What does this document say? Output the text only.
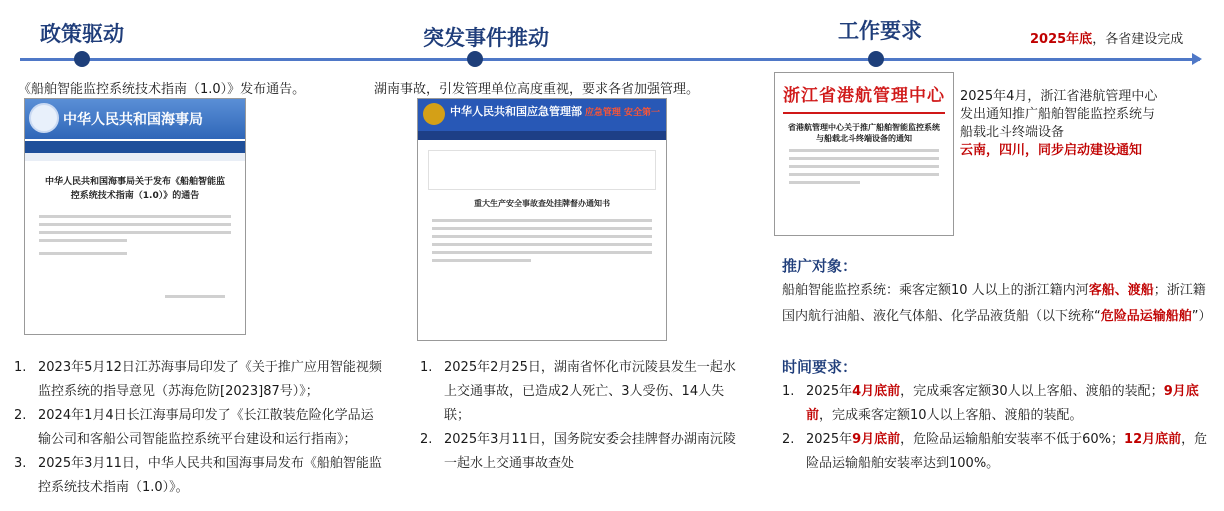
政策驱动	突发事件推动	工作要求	2025年底，各省建设完成
《船舶智能监控系统技术指南（1.0）》发布通告。
中华人民共和国海事局
中华人民共和国海事局关于发布《船舶智能监控系统技术指南（1.0）》的通告
1. 2023年5月12日江苏海事局印发了《关于推广应用智能视频监控系统的指导意见（苏海危防[2023]87号）》；
2. 2024年1月4日长江海事局印发了《长江散装危险化学品运输公司和客船公司智能监控系统平台建设和运行指南》；
3. 2025年3月11日，中华人民共和国海事局发布《船舶智能监控系统技术指南（1.0）》。
湖南事故，引发管理单位高度重视，要求各省加强管理。
中华人民共和国应急管理部 应急管理 安全第一
重大生产安全事故查处挂牌督办通知书
1. 2025年2月25日，湖南省怀化市沅陵县发生一起水上交通事故，已造成2人死亡、3人受伤、14人失联；
2. 2025年3月11日，国务院安委会挂牌督办湖南沅陵一起水上交通事故查处
浙江省港航管理中心
省港航管理中心关于推广船舶智能监控系统与船载北斗终端设备的通知
2025年4月，浙江省港航管理中心发出通知推广船舶智能监控系统与船载北斗终端设备
云南，四川，同步启动建设通知
推广对象：
船舶智能监控系统：乘客定额10 人以上的浙江籍内河客船、渡船；浙江籍国内航行油船、液化气体船、化学品液货船（以下统称“危险品运输船舶”）
时间要求：
1. 2025年4月底前，完成乘客定额30人以上客船、渡船的装配；9月底前，完成乘客定额10人以上客船、渡船的装配。
2. 2025年9月底前，危险品运输船舶安装率不低于60%；12月底前，危险品运输船舶安装率达到100%。
